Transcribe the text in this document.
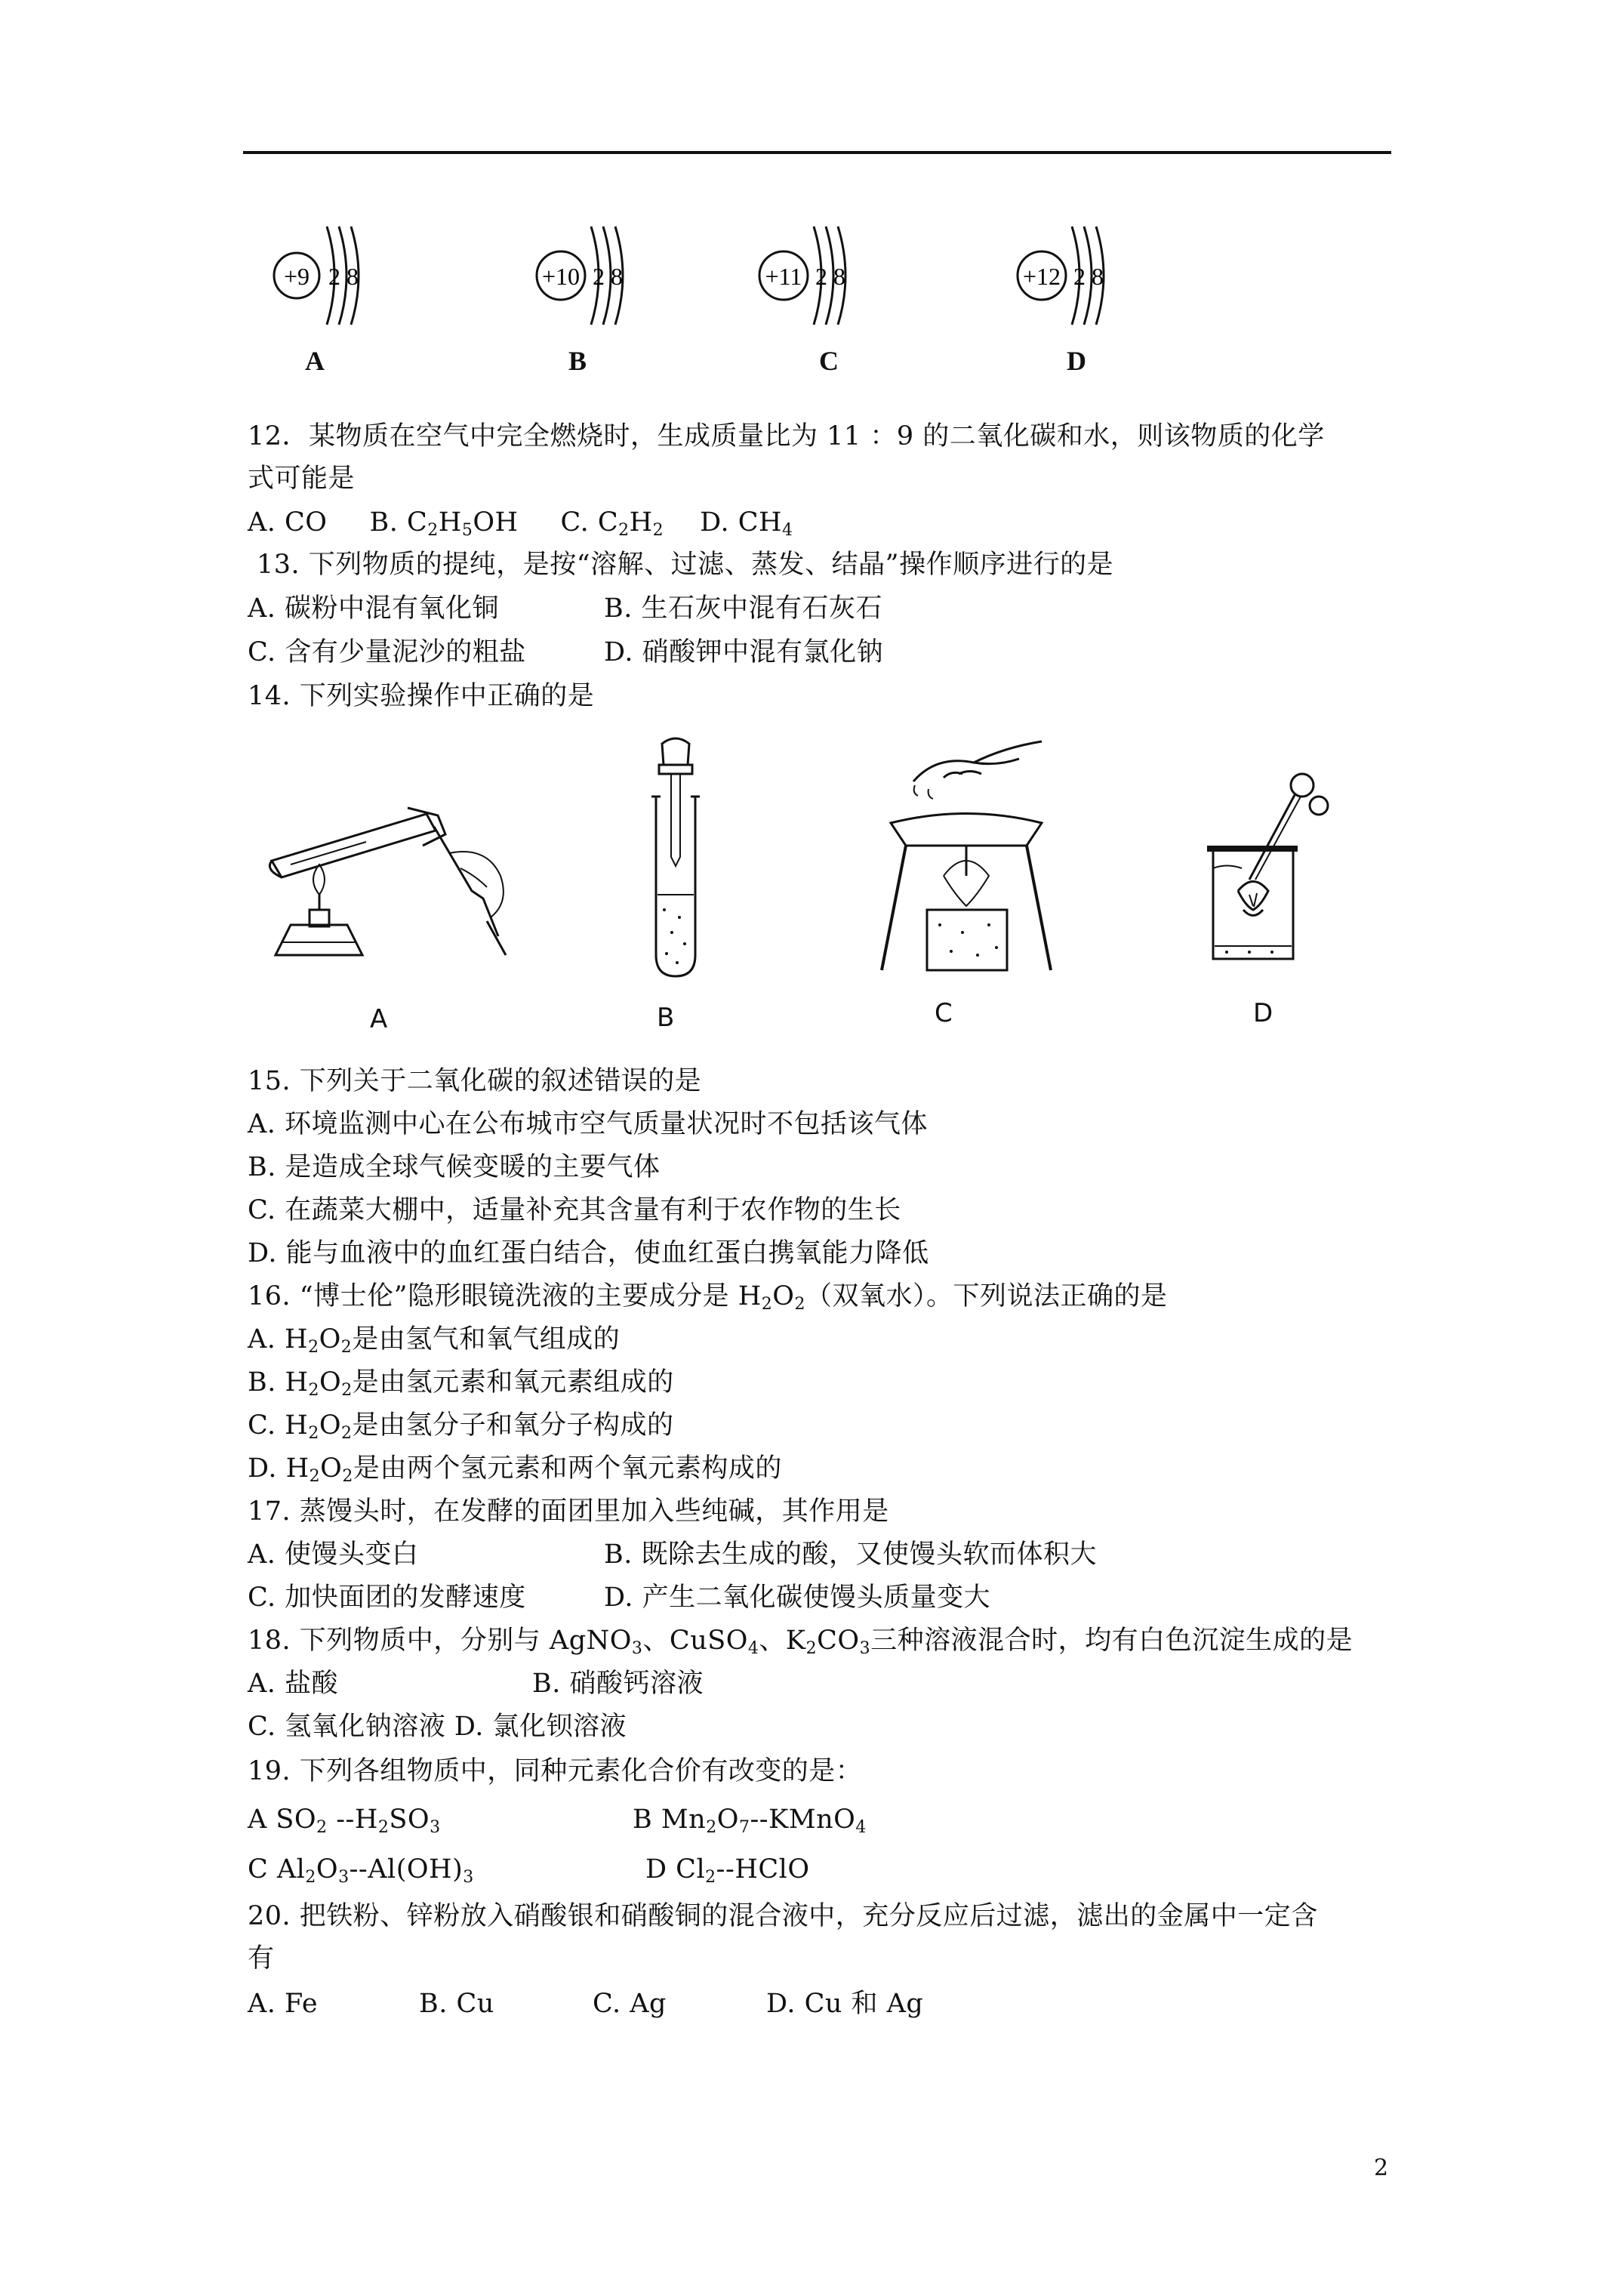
+9 2 8	+10 2 8	+11 2 8	+12 2 8
A	B	C	D
12．某物质在空气中完全燃烧时，生成质量比为 11 ：9 的二氧化碳和水，则该物质的化学
式可能是
A. CO B. $C_2H_5OH$ C. $C_2H_2$ D. $CH_4$
13. 下列物质的提纯，是按“溶解、过滤、蒸发、结晶”操作顺序进行的是
A. 碳粉中混有氧化铜	B. 生石灰中混有石灰石
C. 含有少量泥沙的粗盐	D. 硝酸钾中混有氯化钠
14. 下列实验操作中正确的是
A	B	C	D
15. 下列关于二氧化碳的叙述错误的是
A. 环境监测中心在公布城市空气质量状况时不包括该气体
B. 是造成全球气候变暖的主要气体
C. 在蔬菜大棚中，适量补充其含量有利于农作物的生长
D. 能与血液中的血红蛋白结合，使血红蛋白携氧能力降低
16. “博士伦”隐形眼镜洗液的主要成分是 $H_2O_2$（双氧水）。下列说法正确的是
A. $H_2O_2$是由氢气和氧气组成的
B. $H_2O_2$是由氢元素和氧元素组成的
C. $H_2O_2$是由氢分子和氧分子构成的
D. $H_2O_2$是由两个氢元素和两个氧元素构成的
17. 蒸馒头时，在发酵的面团里加入些纯碱，其作用是
A. 使馒头变白	B. 既除去生成的酸，又使馒头软而体积大
C. 加快面团的发酵速度	D. 产生二氧化碳使馒头质量变大
18. 下列物质中，分别与 AgNO$_3$、CuSO$_4$、$K_2CO_3$三种溶液混合时，均有白色沉淀生成的是
A. 盐酸	B. 硝酸钙溶液
C. 氢氧化钠溶液 D. 氯化钡溶液
19. 下列各组物质中，同种元素化合价有改变的是：
A $SO_2$ $--H_2SO_3$	B $Mn_2O_7--KMnO_4$
C $Al_2O_3--Al(OH)_3$	D $Cl_2-$-HClO
20. 把铁粉、锌粉放入硝酸银和硝酸铜的混合液中，充分反应后过滤，滤出的金属中一定含
有
A. Fe	B. Cu	C. Ag	D. Cu 和 Ag
2
